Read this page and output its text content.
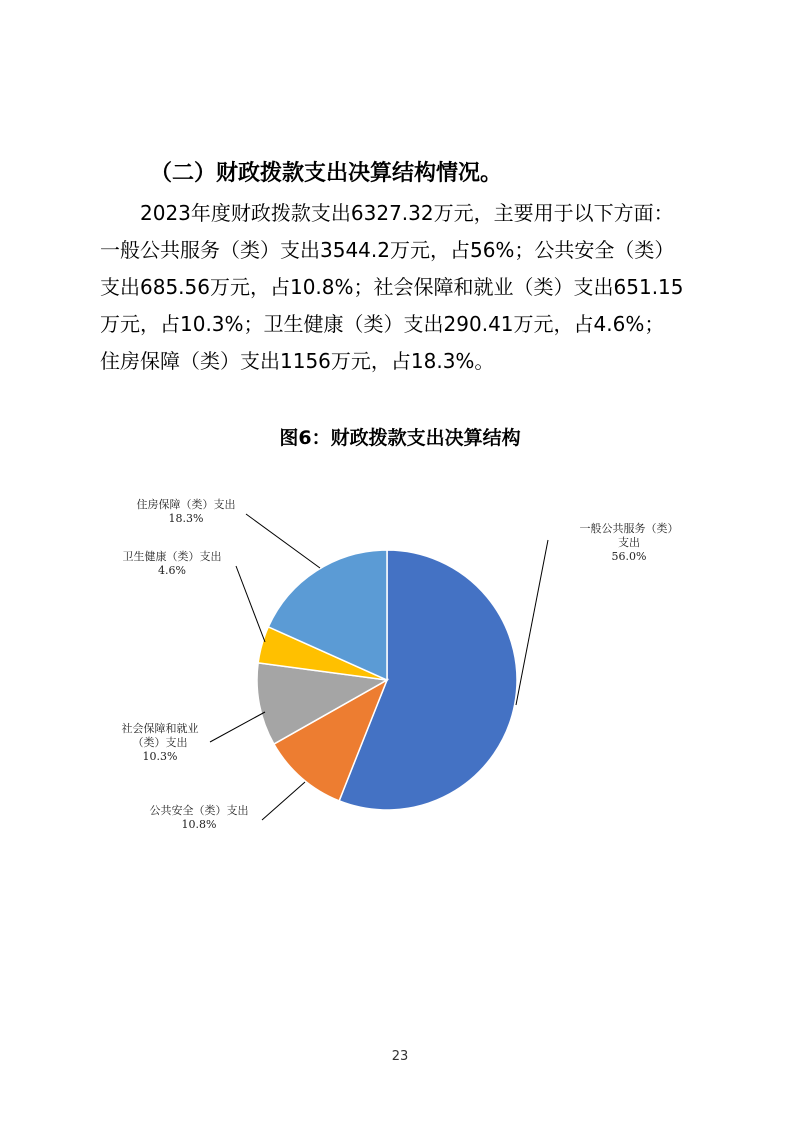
（二）财政拨款支出决算结构情况。
2023年度财政拨款支出6327.32万元，主要用于以下方面：
一般公共服务（类）支出3544.2万元，占56%；公共安全（类）
支出685.56万元，占10.8%；社会保障和就业（类）支出651.15
万元，占10.3%；卫生健康（类）支出290.41万元，占4.6%；
住房保障（类）支出1156万元，占18.3%。
图6：财政拨款支出决算结构
一般公共服务（类）
支出
56.0%
公共安全（类）支出
10.8%
社会保障和就业
（类）支出
10.3%
卫生健康（类）支出
4.6%
住房保障（类）支出
18.3%
23
